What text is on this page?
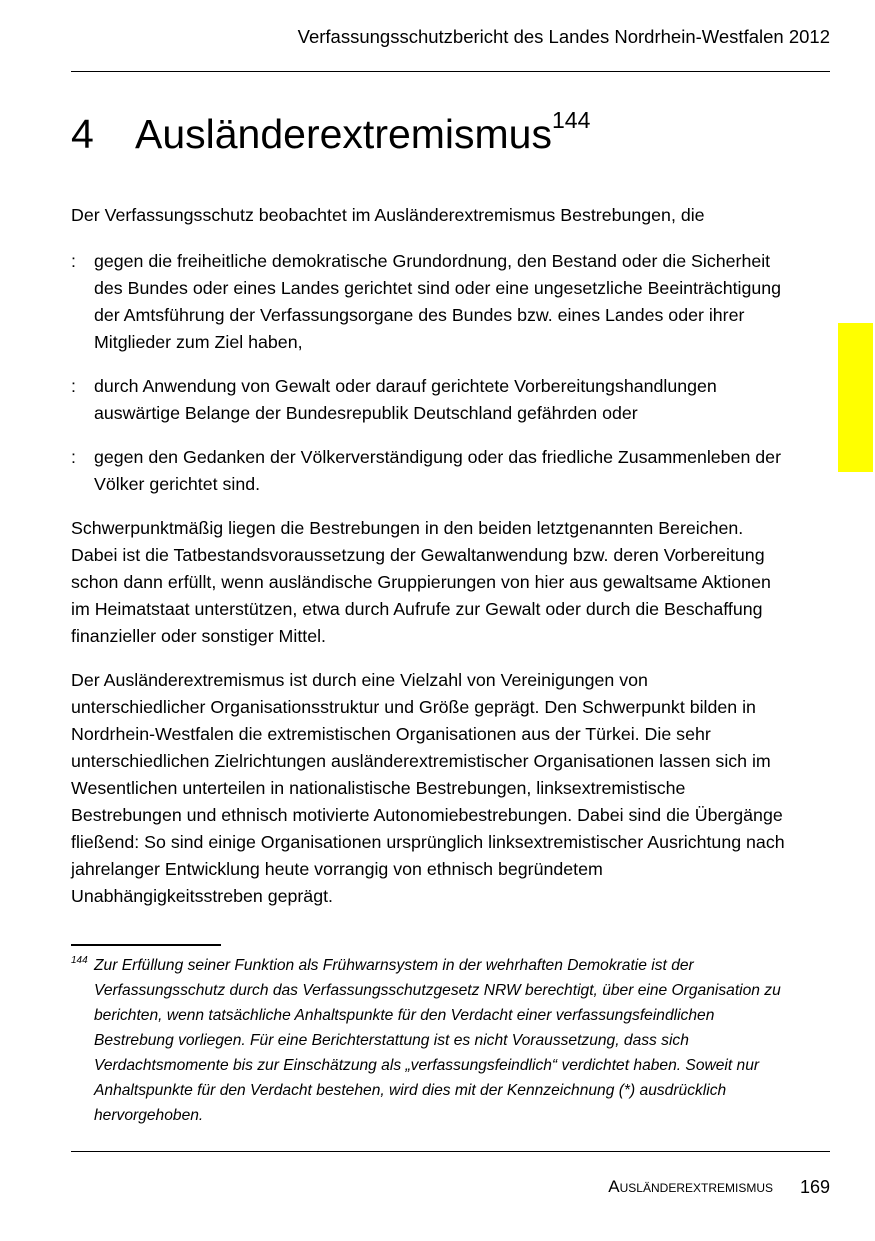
Verfassungsschutzbericht des Landes Nordrhein-Westfalen 2012
4 Ausländerextremismus$^{144}$

Der Verfassungsschutz beobachtet im Ausländerextremismus Bestrebungen, die

: gegen die freiheitliche demokratische Grundordnung, den Bestand oder die Sicherheit des Bundes oder eines Landes gerichtet sind oder eine ungesetzliche Beeinträchtigung der Amtsführung der Verfassungsorgane des Bundes bzw. eines Landes oder ihrer Mitglieder zum Ziel haben,
: durch Anwendung von Gewalt oder darauf gerichtete Vorbereitungshandlungen auswärtige Belange der Bundesrepublik Deutschland gefährden oder
: gegen den Gedanken der Völkerverständigung oder das friedliche Zusammenleben der Völker gerichtet sind.

Schwerpunktmäßig liegen die Bestrebungen in den beiden letztgenannten Bereichen. Dabei ist die Tatbestandsvoraussetzung der Gewaltanwendung bzw. deren Vorbereitung schon dann erfüllt, wenn ausländische Gruppierungen von hier aus gewaltsame Aktionen im Heimatstaat unterstützen, etwa durch Aufrufe zur Gewalt oder durch die Beschaffung finanzieller oder sonstiger Mittel.

Der Ausländerextremismus ist durch eine Vielzahl von Vereinigungen von unterschiedlicher Organisationsstruktur und Größe geprägt. Den Schwerpunkt bilden in Nordrhein-Westfalen die extremistischen Organisationen aus der Türkei. Die sehr unterschiedlichen Zielrichtungen ausländerextremistischer Organisationen lassen sich im Wesentlichen unterteilen in nationalistische Bestrebungen, linksextremistische Bestrebungen und ethnisch motivierte Autonomiebestrebungen. Dabei sind die Übergänge fließend: So sind einige Organisationen ursprünglich linksextremistischer Ausrichtung nach jahrelanger Entwicklung heute vorrangig von ethnisch begründetem Unabhängigkeitsstreben geprägt.

144 Zur Erfüllung seiner Funktion als Frühwarnsystem in der wehrhaften Demokratie ist der Verfassungsschutz durch das Verfassungsschutzgesetz NRW berechtigt, über eine Organisation zu berichten, wenn tatsächliche Anhaltspunkte für den Verdacht einer verfassungsfeindlichen Bestrebung vorliegen. Für eine Berichterstattung ist es nicht Voraussetzung, dass sich Verdachtsmomente bis zur Einschätzung als „verfassungsfeindlich“ verdichtet haben. Soweit nur Anhaltspunkte für den Verdacht bestehen, wird dies mit der Kennzeichnung (*) ausdrücklich hervorgehoben.
Ausländerextremismus 169
